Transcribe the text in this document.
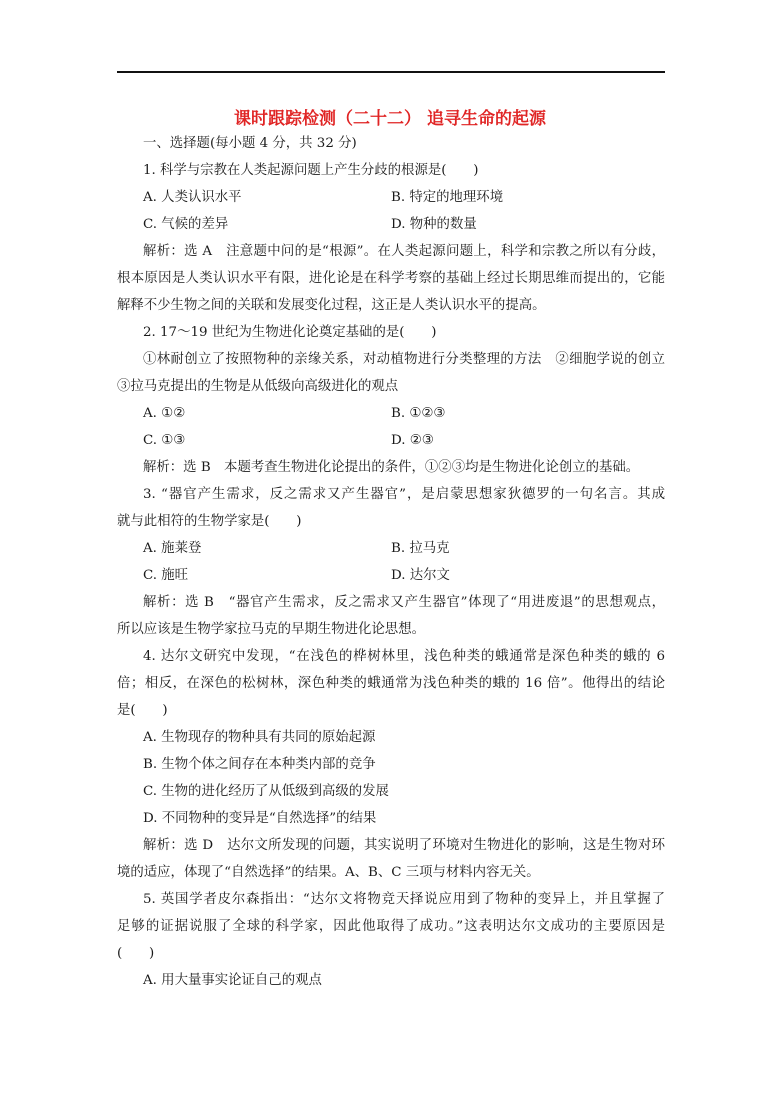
课时跟踪检测（二十二） 追寻生命的起源

一、选择题(每小题 4 分，共 32 分)

1. 科学与宗教在人类起源问题上产生分歧的根源是(　　)

A. 人类认识水平	B. 特定的地理环境
C. 气候的差异	D. 物种的数量

解析：选 A　注意题中问的是“根源”。在人类起源问题上，科学和宗教之所以有分歧，

根本原因是人类认识水平有限，进化论是在科学考察的基础上经过长期思维而提出的，它能

解释不少生物之间的关联和发展变化过程，这正是人类认识水平的提高。

2. 17～19 世纪为生物进化论奠定基础的是(　　)

①林耐创立了按照物种的亲缘关系，对动植物进行分类整理的方法　②细胞学说的创立

③拉马克提出的生物是从低级向高级进化的观点

A. ①②	B. ①②③
C. ①③	D. ②③

解析：选 B　本题考查生物进化论提出的条件，①②③均是生物进化论创立的基础。

3. “器官产生需求，反之需求又产生器官”，是启蒙思想家狄德罗的一句名言。其成

就与此相符的生物学家是(　　)

A. 施莱登	B. 拉马克
C. 施旺	D. 达尔文

解析：选 B　“器官产生需求，反之需求又产生器官”体现了“用进废退”的思想观点，

所以应该是生物学家拉马克的早期生物进化论思想。

4. 达尔文研究中发现，“在浅色的桦树林里，浅色种类的蛾通常是深色种类的蛾的 6

倍；相反，在深色的松树林，深色种类的蛾通常为浅色种类的蛾的 16 倍”。他得出的结论

是(　　)

A. 生物现存的物种具有共同的原始起源

B. 生物个体之间存在本种类内部的竞争

C. 生物的进化经历了从低级到高级的发展

D. 不同物种的变异是“自然选择”的结果

解析：选 D　达尔文所发现的问题，其实说明了环境对生物进化的影响，这是生物对环

境的适应，体现了“自然选择”的结果。A、B、C 三项与材料内容无关。

5. 英国学者皮尔森指出：“达尔文将物竞天择说应用到了物种的变异上，并且掌握了

足够的证据说服了全球的科学家，因此他取得了成功。”这表明达尔文成功的主要原因是

(　　)

A. 用大量事实论证自己的观点
